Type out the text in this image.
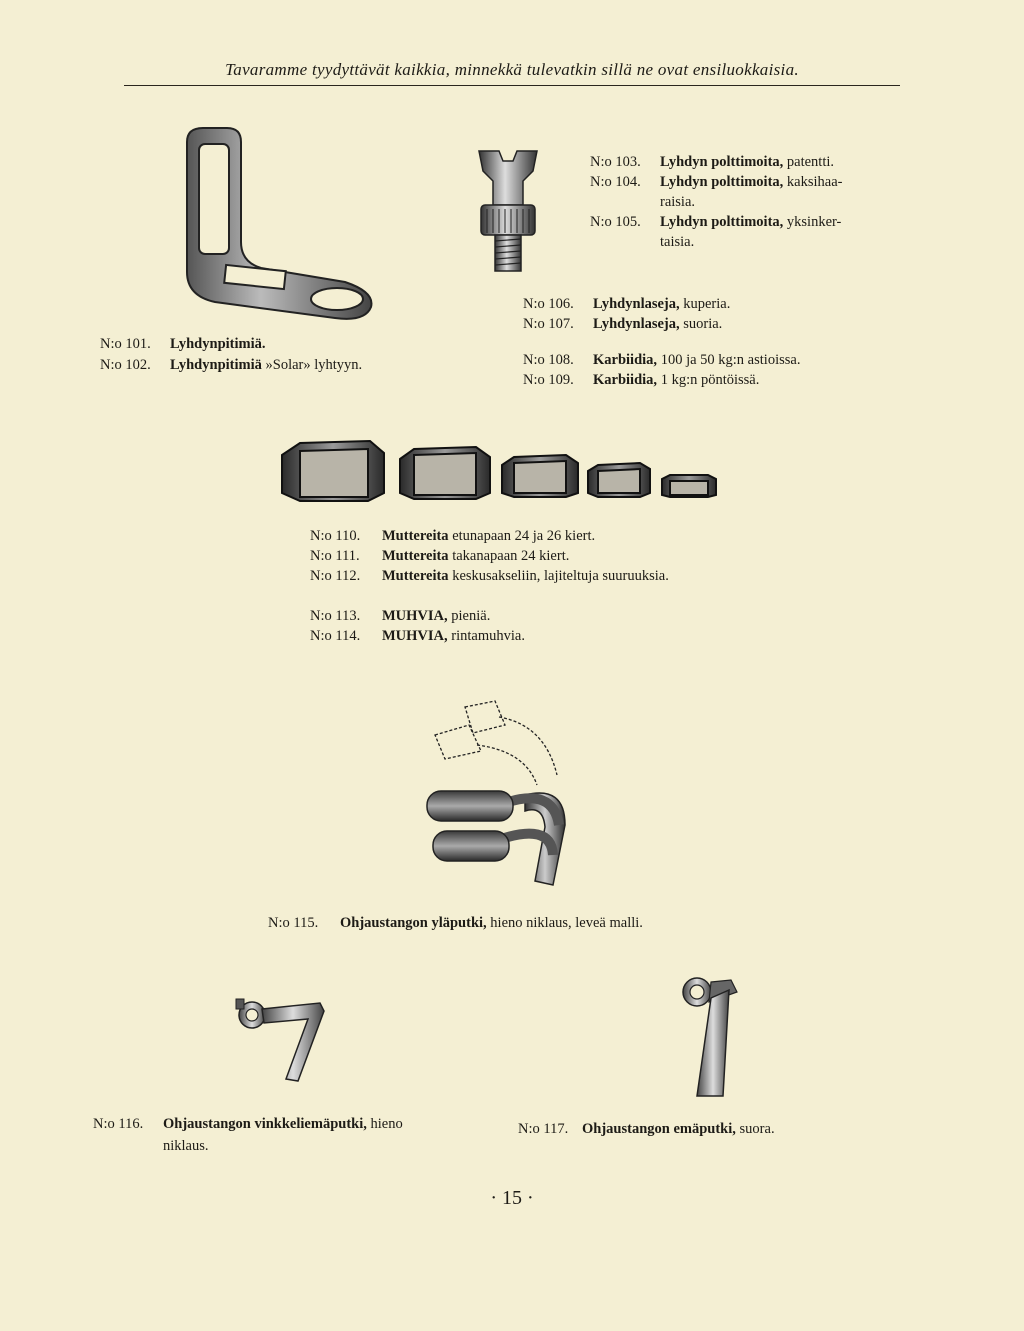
Tavaramme tyydyttävät kaikkia, minnekkä tulevatkin sillä ne ovat ensiluokkaisia.
N:o 103.	Lyhdyn polttimoita, patentti.
N:o 104.	Lyhdyn polttimoita, kaksihaa-
raisia.
N:o 105.	Lyhdyn polttimoita, yksinker-
taisia.
N:o 101.	Lyhdynpitimiä.
N:o 102.	Lyhdynpitimiä »Solar» lyhtyyn.
N:o 106.	Lyhdynlaseja, kuperia.
N:o 107.	Lyhdynlaseja, suoria.
N:o 108.	Karbiidia, 100 ja 50 kg:n astioissa.
N:o 109.	Karbiidia, 1 kg:n pöntöissä.
N:o 110.	Muttereita etunapaan 24 ja 26 kiert.
N:o 111.	Muttereita takanapaan 24 kiert.
N:o 112.	Muttereita keskusakseliin, lajiteltuja suuruuksia.
N:o 113.	MUHVIA, pieniä.
N:o 114.	MUHVIA, rintamuhvia.
N:o 115. Ohjaustangon yläputki, hieno niklaus, leveä malli.
N:o 116.	Ohjaustangon vinkkeliemäputki, hieno
niklaus.
N:o 117. Ohjaustangon emäputki, suora.
· 15 ·
